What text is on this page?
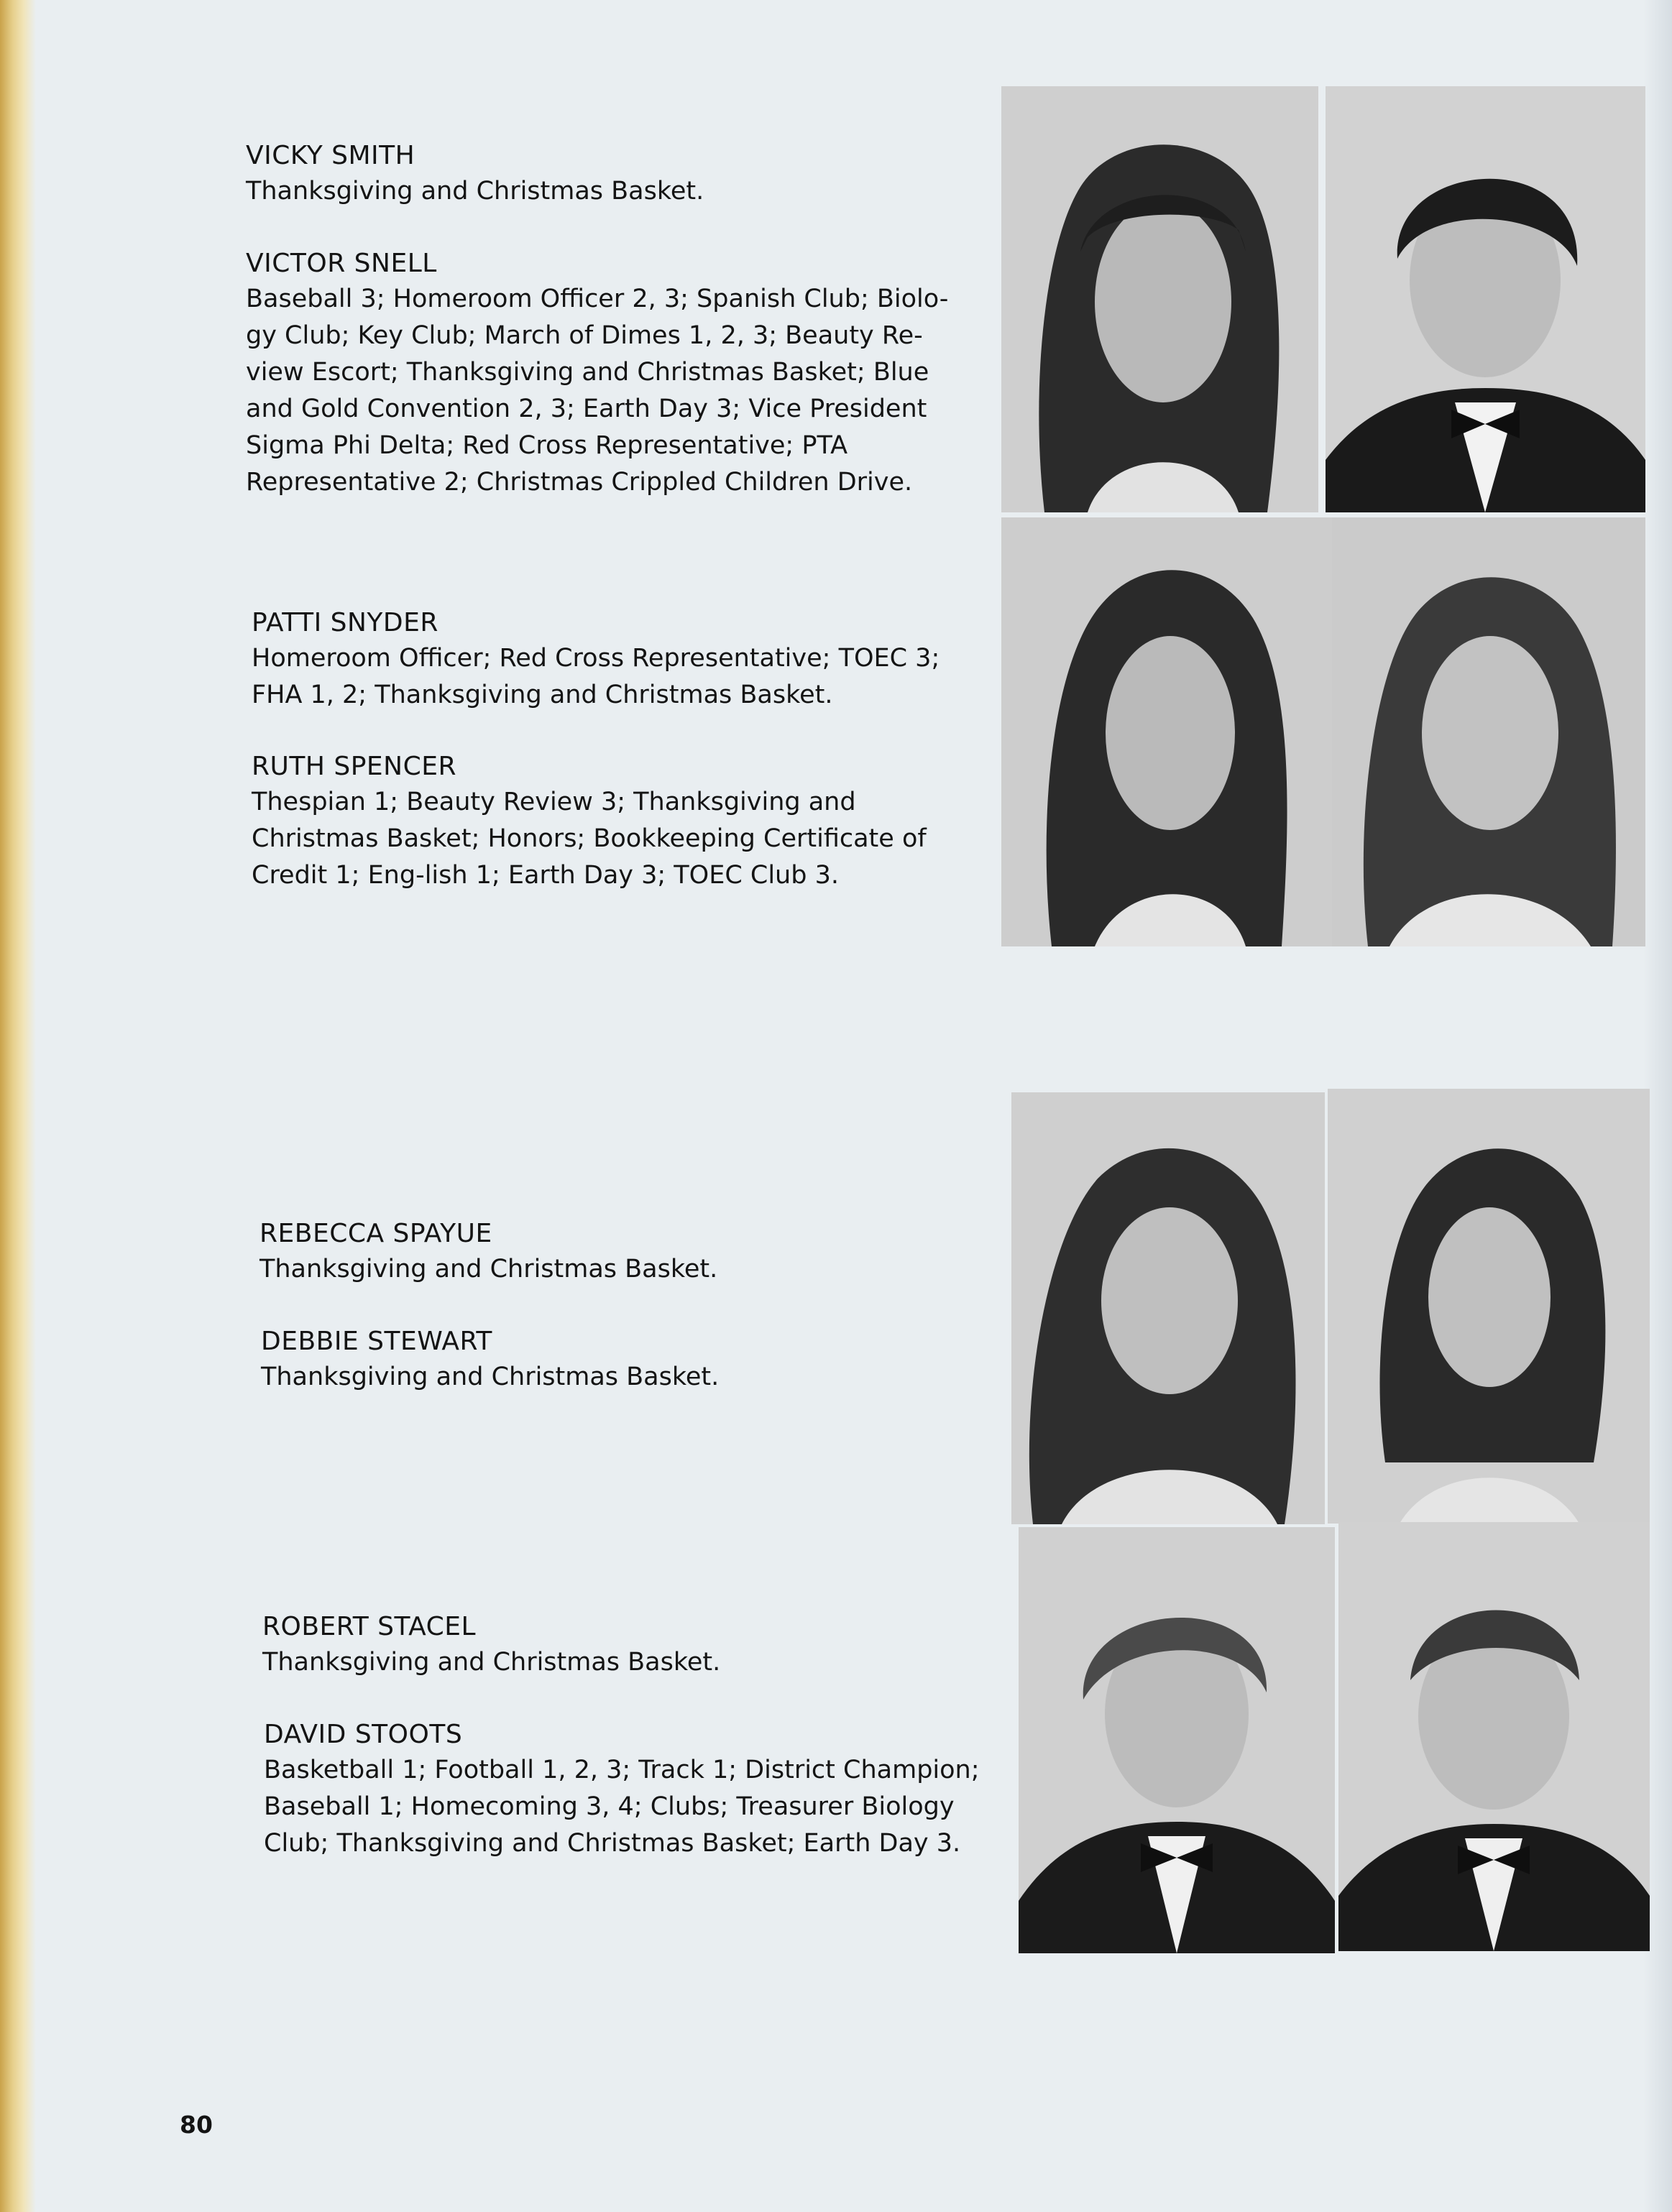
VICKY SMITH

Thanksgiving and Christmas Basket.

VICTOR SNELL

Baseball 3; Homeroom Officer 2, 3; Spanish Club; Biolo-gy Club; Key Club; March of Dimes 1, 2, 3; Beauty Re-view Escort; Thanksgiving and Christmas Basket; Blue and Gold Convention 2, 3; Earth Day 3; Vice President Sigma Phi Delta; Red Cross Representative; PTA Representative 2; Christmas Crippled Children Drive.

PATTI SNYDER

Homeroom Officer; Red Cross Representative; TOEC 3; FHA 1, 2; Thanksgiving and Christmas Basket.

RUTH SPENCER

Thespian 1; Beauty Review 3; Thanksgiving and Christmas Basket; Honors; Bookkeeping Certificate of Credit 1; Eng-lish 1; Earth Day 3; TOEC Club 3.

REBECCA SPAYUE

Thanksgiving and Christmas Basket.

DEBBIE STEWART

Thanksgiving and Christmas Basket.

ROBERT STACEL

Thanksgiving and Christmas Basket.

DAVID STOOTS

Basketball 1; Football 1, 2, 3; Track 1; District Champion; Baseball 1; Homecoming 3, 4; Clubs; Treasurer Biology Club; Thanksgiving and Christmas Basket; Earth Day 3.

80
